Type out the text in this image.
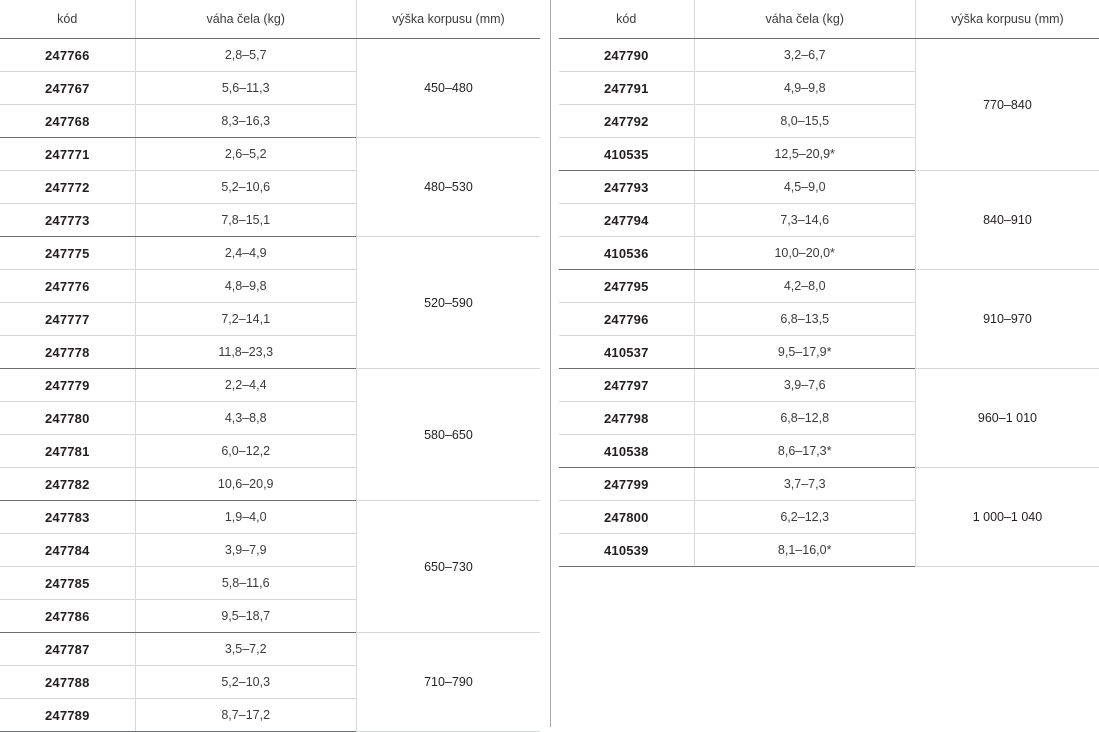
kód	váha čela (kg)	výška korpusu (mm)
247766	2,8–5,7	450–480
247767	5,6–11,3	
247768	8,3–16,3	
247771	2,6–5,2	480–530
247772	5,2–10,6	
247773	7,8–15,1	
247775	2,4–4,9	520–590
247776	4,8–9,8	
247777	7,2–14,1	
247778	11,8–23,3	
247779	2,2–4,4	580–650
247780	4,3–8,8	
247781	6,0–12,2	
247782	10,6–20,9	
247783	1,9–4,0	650–730
247784	3,9–7,9	
247785	5,8–11,6	
247786	9,5–18,7	
247787	3,5–7,2	710–790
247788	5,2–10,3	
247789	8,7–17,2	
kód	váha čela (kg)	výška korpusu (mm)
247790	3,2–6,7	770–840
247791	4,9–9,8	
247792	8,0–15,5	
410535	12,5–20,9*	
247793	4,5–9,0	840–910
247794	7,3–14,6	
410536	10,0–20,0*	
247795	4,2–8,0	910–970
247796	6,8–13,5	
410537	9,5–17,9*	
247797	3,9–7,6	960–1 010
247798	6,8–12,8	
410538	8,6–17,3*	
247799	3,7–7,3	1 000–1 040
247800	6,2–12,3	
410539	8,1–16,0*	
